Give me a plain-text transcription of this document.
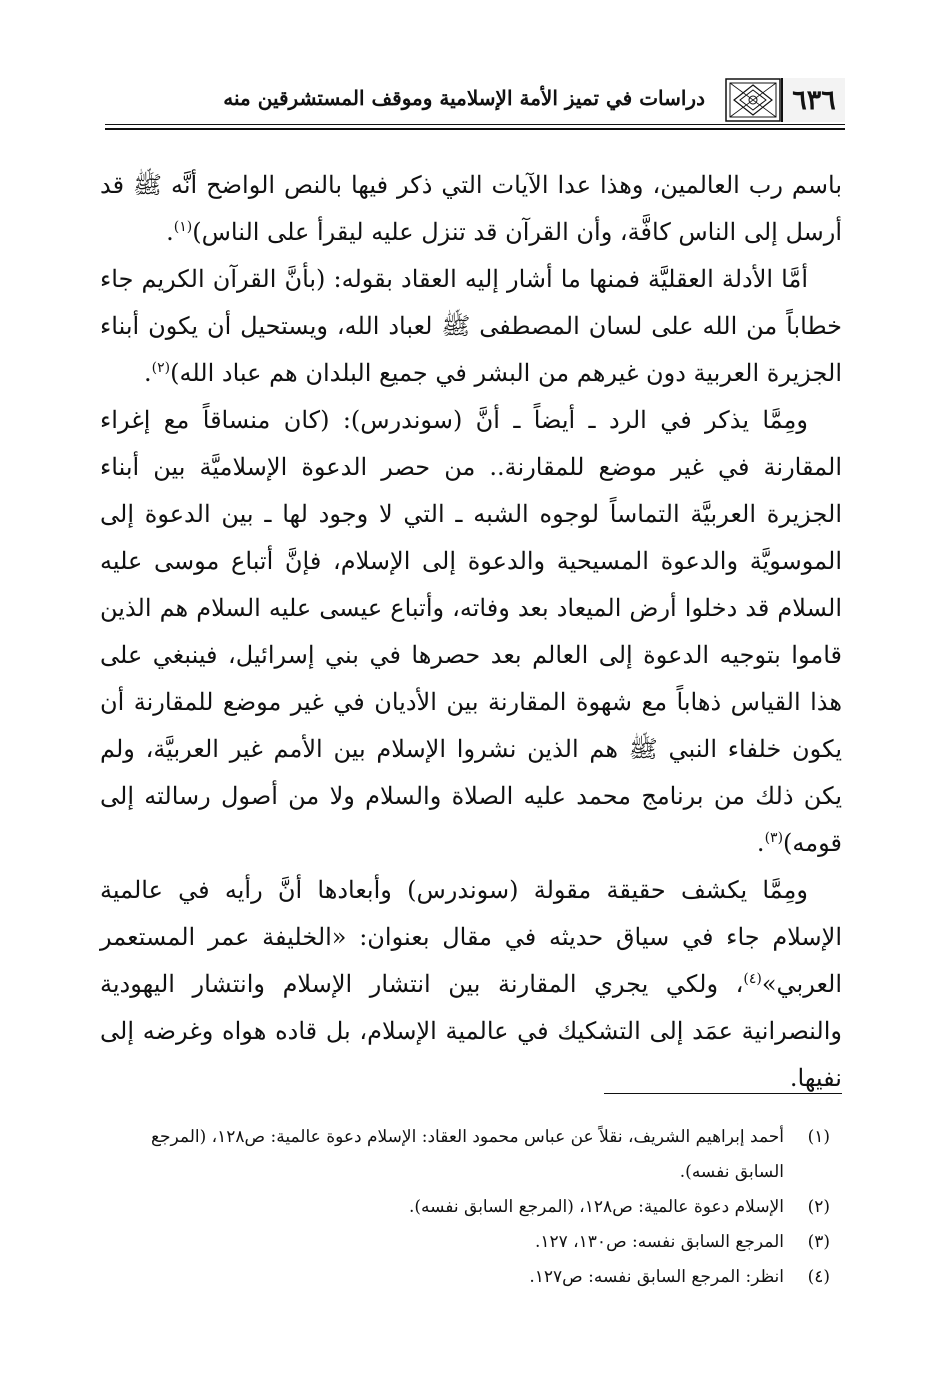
٦٣٦
دراسات في تميز الأمة الإسلامية وموقف المستشرقين منه

باسم رب العالمين، وهذا عدا الآيات التي ذكر فيها بالنص الواضح أنَّه ﷺ قد أرسل إلى الناس كافَّة، وأن القرآن قد تنزل عليه ليقرأ على الناس)$^{(١)}$.

أمَّا الأدلة العقليَّة فمنها ما أشار إليه العقاد بقوله: (بأنَّ القرآن الكريم جاء خطاباً من الله على لسان المصطفى ﷺ لعباد الله، ويستحيل أن يكون أبناء الجزيرة العربية دون غيرهم من البشر في جميع البلدان هم عباد الله)$^{(٢)}$.

ومِمَّا يذكر في الرد ـ أيضاً ـ أنَّ (سوندرس): (كان منساقاً مع إغراء المقارنة في غير موضع للمقارنة.. من حصر الدعوة الإسلاميَّة بين أبناء الجزيرة العربيَّة التماساً لوجوه الشبه ـ التي لا وجود لها ـ بين الدعوة إلى الموسويَّة والدعوة المسيحية والدعوة إلى الإسلام، فإنَّ أتباع موسى عليه السلام قد دخلوا أرض الميعاد بعد وفاته، وأتباع عيسى عليه السلام هم الذين قاموا بتوجيه الدعوة إلى العالم بعد حصرها في بني إسرائيل، فينبغي على هذا القياس ذهاباً مع شهوة المقارنة بين الأديان في غير موضع للمقارنة أن يكون خلفاء النبي ﷺ هم الذين نشروا الإسلام بين الأمم غير العربيَّة، ولم يكن ذلك من برنامج محمد عليه الصلاة والسلام ولا من أصول رسالته إلى قومه)$^{(٣)}$.

ومِمَّا يكشف حقيقة مقولة (سوندرس) وأبعادها أنَّ رأيه في عالمية الإسلام جاء في سياق حديثه في مقال بعنوان: «الخليفة عمر المستعمر العربي»$^{(٤)}$، ولكي يجري المقارنة بين انتشار الإسلام وانتشار اليهودية والنصرانية عمَد إلى التشكيك في عالمية الإسلام، بل قاده هواه وغرضه إلى نفيها.

(١)
أحمد إبراهيم الشريف، نقلاً عن عباس محمود العقاد: الإسلام دعوة عالمية: ص١٢٨، (المرجع السابق نفسه).

(٢)
الإسلام دعوة عالمية: ص١٢٨، (المرجع السابق نفسه).

(٣)
المرجع السابق نفسه: ص١٣٠، ١٢٧.

(٤)
انظر: المرجع السابق نفسه: ص١٢٧.
